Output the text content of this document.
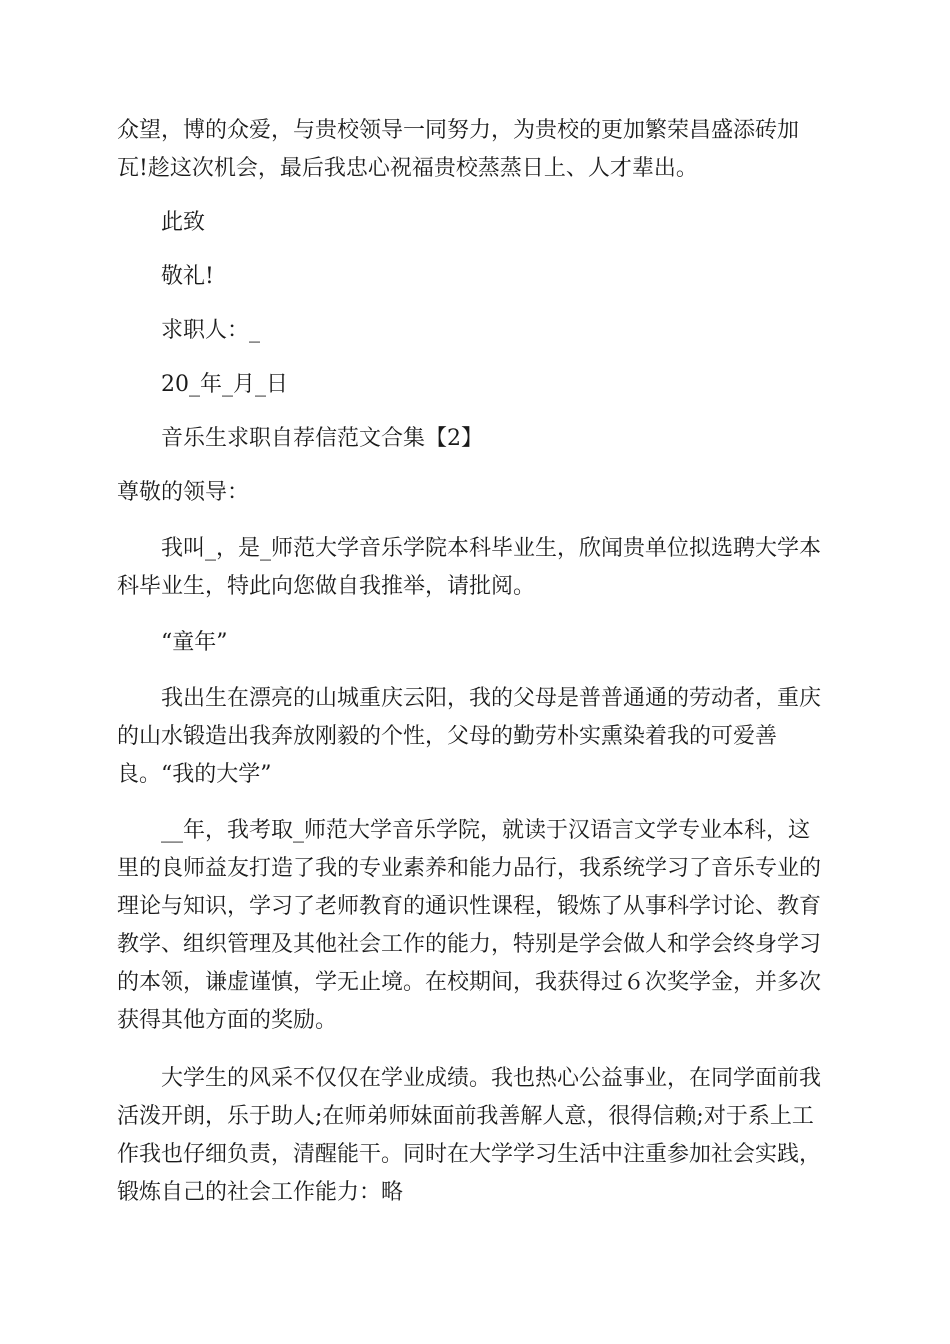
众望，博的众爱，与贵校领导一同努力，为贵校的更加繁荣昌盛添砖加
瓦!趁这次机会，最后我忠心祝福贵校蒸蒸日上、人才辈出。

此致

敬礼!

求职人：_

20_年_月_日

音乐生求职自荐信范文合集【2】

尊敬的领导：

我叫_，是_师范大学音乐学院本科毕业生，欣闻贵单位拟选聘大学本
科毕业生，特此向您做自我推举，请批阅。

“童年”

我出生在漂亮的山城重庆云阳，我的父母是普普通通的劳动者，重庆
的山水锻造出我奔放刚毅的个性，父母的勤劳朴实熏染着我的可爱善
良。“我的大学”

__年，我考取_师范大学音乐学院，就读于汉语言文学专业本科，这
里的良师益友打造了我的专业素养和能力品行，我系统学习了音乐专业的
理论与知识，学习了老师教育的通识性课程，锻炼了从事科学讨论、教育
教学、组织管理及其他社会工作的能力，特别是学会做人和学会终身学习
的本领，谦虚谨慎，学无止境。在校期间，我获得过６次奖学金，并多次
获得其他方面的奖励。

大学生的风采不仅仅在学业成绩。我也热心公益事业，在同学面前我
活泼开朗，乐于助人;在师弟师妹面前我善解人意，很得信赖;对于系上工
作我也仔细负责，清醒能干。同时在大学学习生活中注重参加社会实践，
锻炼自己的社会工作能力：略
